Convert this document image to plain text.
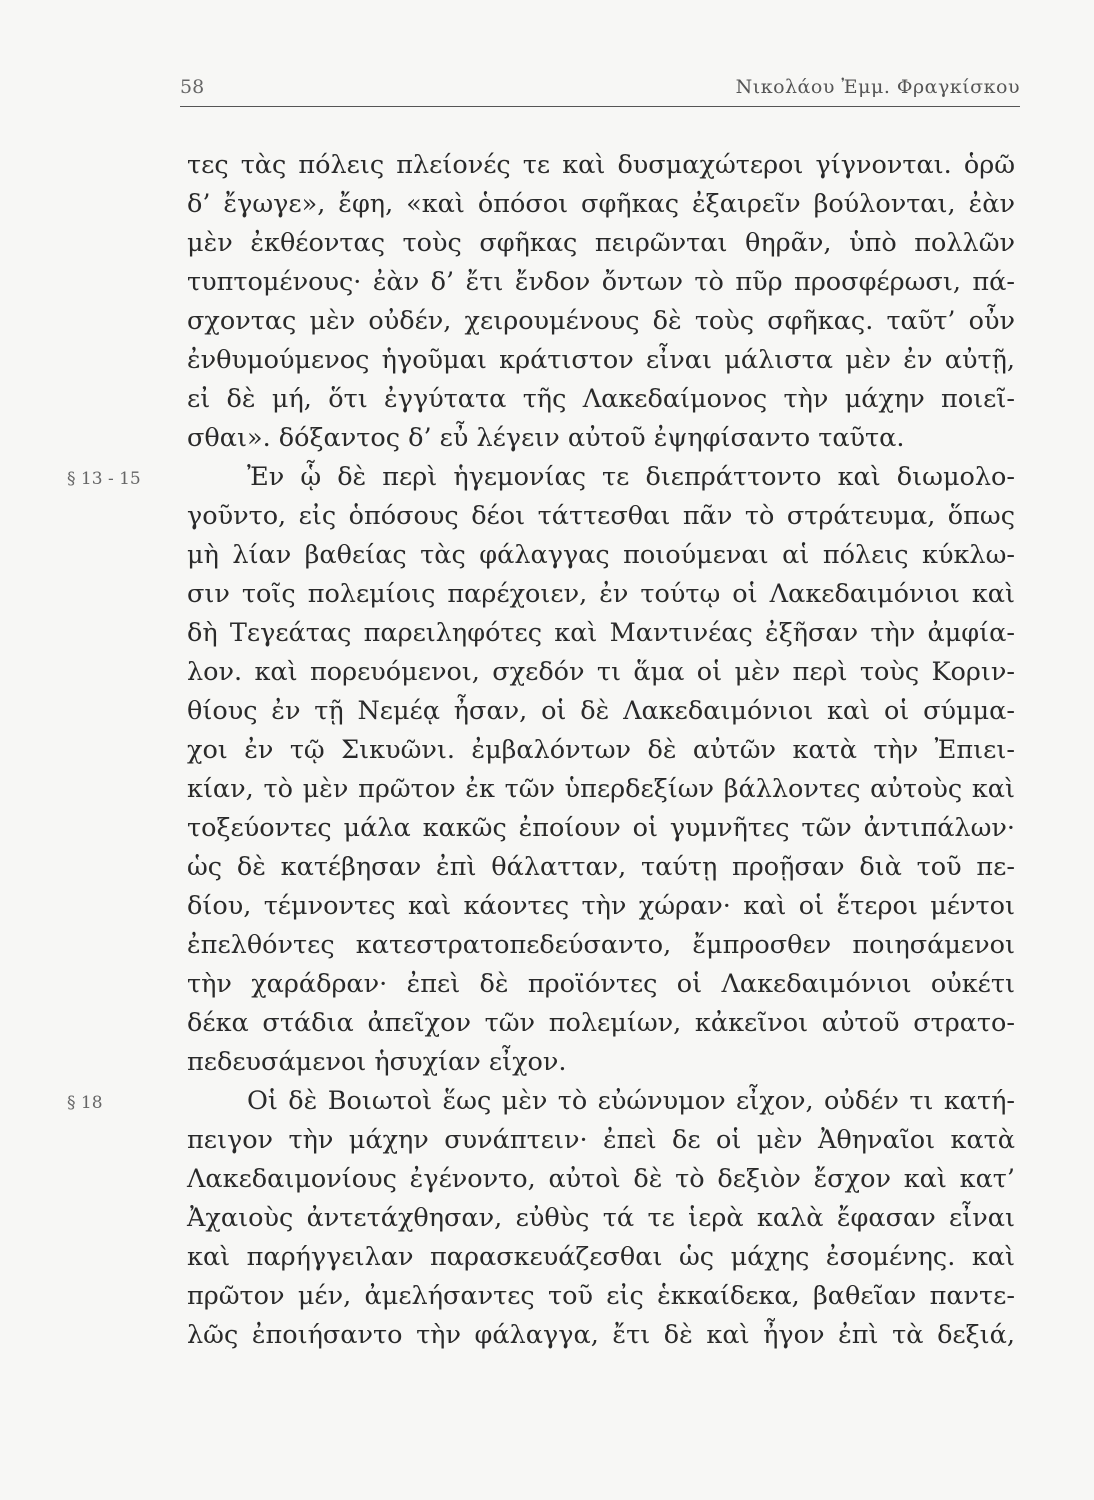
58	Νικολάου Ἐμμ. Φραγκίσκου
τες τὰς πόλεις πλείονές τε καὶ δυσμαχώτεροι γίγνονται. ὁρῶ
δ’ ἔγωγε», ἔφη, «καὶ ὁπόσοι σφῆκας ἐξαιρεῖν βούλονται, ἐὰν
μὲν ἐκθέοντας τοὺς σφῆκας πειρῶνται θηρᾶν, ὑπὸ πολλῶν
τυπτομένους· ἐὰν δ’ ἔτι ἔνδον ὄντων τὸ πῦρ προσφέρωσι, πά-
σχοντας μὲν οὐδέν, χειρουμένους δὲ τοὺς σφῆκας. ταῦτ’ οὖν
ἐνθυμούμενος ἡγοῦμαι κράτιστον εἶναι μάλιστα μὲν ἐν αὐτῇ,
εἰ δὲ μή, ὅτι ἐγγύτατα τῆς Λακεδαίμονος τὴν μάχην ποιεῖ-
σθαι». δόξαντος δ’ εὖ λέγειν αὐτοῦ ἐψηφίσαντο ταῦτα.
§ 13 - 15	Ἐν ᾧ δὲ περὶ ἡγεμονίας τε διεπράττοντο καὶ διωμολο-
γοῦντο, εἰς ὁπόσους δέοι τάττεσθαι πᾶν τὸ στράτευμα, ὅπως
μὴ λίαν βαθείας τὰς φάλαγγας ποιούμεναι αἱ πόλεις κύκλω-
σιν τοῖς πολεμίοις παρέχοιεν, ἐν τούτῳ οἱ Λακεδαιμόνιοι καὶ
δὴ Τεγεάτας παρειληφότες καὶ Μαντινέας ἐξῆσαν τὴν ἀμφία-
λον. καὶ πορευόμενοι, σχεδόν τι ἅμα οἱ μὲν περὶ τοὺς Κοριν-
θίους ἐν τῇ Νεμέᾳ ἦσαν, οἱ δὲ Λακεδαιμόνιοι καὶ οἱ σύμμα-
χοι ἐν τῷ Σικυῶνι. ἐμβαλόντων δὲ αὐτῶν κατὰ τὴν Ἐπιει-
κίαν, τὸ μὲν πρῶτον ἐκ τῶν ὑπερδεξίων βάλλοντες αὐτοὺς καὶ
τοξεύοντες μάλα κακῶς ἐποίουν οἱ γυμνῆτες τῶν ἀντιπάλων·
ὡς δὲ κατέβησαν ἐπὶ θάλατταν, ταύτῃ προῇσαν διὰ τοῦ πε-
δίου, τέμνοντες καὶ κάοντες τὴν χώραν· καὶ οἱ ἕτεροι μέντοι
ἐπελθόντες κατεστρατοπεδεύσαντο, ἔμπροσθεν ποιησάμενοι
τὴν χαράδραν· ἐπεὶ δὲ προϊόντες οἱ Λακεδαιμόνιοι οὐκέτι
δέκα στάδια ἀπεῖχον τῶν πολεμίων, κἀκεῖνοι αὐτοῦ στρατο-
πεδευσάμενοι ἡσυχίαν εἶχον.
§ 18	Οἱ δὲ Βοιωτοὶ ἕως μὲν τὸ εὐώνυμον εἶχον, οὐδέν τι κατή-
πειγον τὴν μάχην συνάπτειν· ἐπεὶ δε οἱ μὲν Ἀθηναῖοι κατὰ
Λακεδαιμονίους ἐγένοντο, αὐτοὶ δὲ τὸ δεξιὸν ἔσχον καὶ κατ’
Ἀχαιοὺς ἀντετάχθησαν, εὐθὺς τά τε ἱερὰ καλὰ ἔφασαν εἶναι
καὶ παρήγγειλαν παρασκευάζεσθαι ὡς μάχης ἐσομένης. καὶ
πρῶτον μέν, ἀμελήσαντες τοῦ εἰς ἑκκαίδεκα, βαθεῖαν παντε-
λῶς ἐποιήσαντο τὴν φάλαγγα, ἔτι δὲ καὶ ἦγον ἐπὶ τὰ δεξιά,
